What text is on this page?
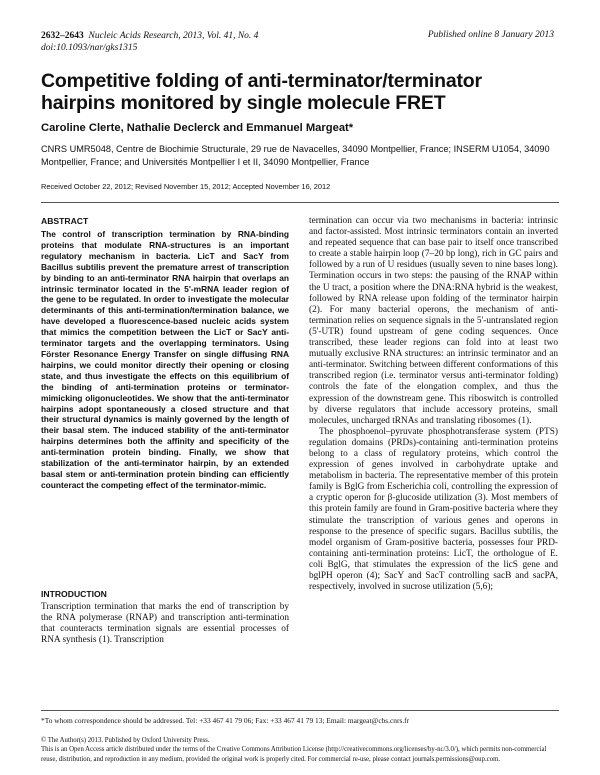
2632–2643 Nucleic Acids Research, 2013, Vol. 41, No. 4
doi:10.1093/nar/gks1315
Published online 8 January 2013
Competitive folding of anti-terminator/terminator hairpins monitored by single molecule FRET
Caroline Clerte, Nathalie Declerck and Emmanuel Margeat*
CNRS UMR5048, Centre de Biochimie Structurale, 29 rue de Navacelles, 34090 Montpellier, France; INSERM U1054, 34090 Montpellier, France; and Universités Montpellier I et II, 34090 Montpellier, France
Received October 22, 2012; Revised November 15, 2012; Accepted November 16, 2012
ABSTRACT
The control of transcription termination by RNA-binding proteins that modulate RNA-structures is an important regulatory mechanism in bacteria. LicT and SacY from Bacillus subtilis prevent the premature arrest of transcription by binding to an anti-terminator RNA hairpin that overlaps an intrinsic terminator located in the 5'-mRNA leader region of the gene to be regulated. In order to investigate the molecular determinants of this anti-termination/termination balance, we have developed a fluorescence-based nucleic acids system that mimics the competition between the LicT or SacY anti-terminator targets and the overlapping terminators. Using Förster Resonance Energy Transfer on single diffusing RNA hairpins, we could monitor directly their opening or closing state, and thus investigate the effects on this equilibrium of the binding of anti-termination proteins or terminator-mimicking oligonucleotides. We show that the anti-terminator hairpins adopt spontaneously a closed structure and that their structural dynamics is mainly governed by the length of their basal stem. The induced stability of the anti-terminator hairpins determines both the affinity and specificity of the anti-termination protein binding. Finally, we show that stabilization of the anti-terminator hairpin, by an extended basal stem or anti-termination protein binding can efficiently counteract the competing effect of the terminator-mimic.
INTRODUCTION
Transcription termination that marks the end of transcription by the RNA polymerase (RNAP) and transcription anti-termination that counteracts termination signals are essential processes of RNA synthesis (1). Transcription

termination can occur via two mechanisms in bacteria: intrinsic and factor-assisted. Most intrinsic terminators contain an inverted and repeated sequence that can base pair to itself once transcribed to create a stable hairpin loop (7–20 bp long), rich in GC pairs and followed by a run of U residues (usually seven to nine bases long). Termination occurs in two steps: the pausing of the RNAP within the U tract, a position where the DNA:RNA hybrid is the weakest, followed by RNA release upon folding of the terminator hairpin (2). For many bacterial operons, the mechanism of anti-termination relies on sequence signals in the 5'-untranslated region (5'-UTR) found upstream of gene coding sequences. Once transcribed, these leader regions can fold into at least two mutually exclusive RNA structures: an intrinsic terminator and an anti-terminator. Switching between different conformations of this transcribed region (i.e. terminator versus anti-terminator folding) controls the fate of the elongation complex, and thus the expression of the downstream gene. This riboswitch is controlled by diverse regulators that include accessory proteins, small molecules, uncharged tRNAs and translating ribosomes (1).

The phosphoenol–pyruvate phosphotransferase system (PTS) regulation domains (PRDs)-containing anti-termination proteins belong to a class of regulatory proteins, which control the expression of genes involved in carbohydrate uptake and metabolism in bacteria. The representative member of this protein family is BglG from Escherichia coli, controlling the expression of a cryptic operon for β-glucoside utilization (3). Most members of this protein family are found in Gram-positive bacteria where they stimulate the transcription of various genes and operons in response to the presence of specific sugars. Bacillus subtilis, the model organism of Gram-positive bacteria, possesses four PRD-containing anti-termination proteins: LicT, the orthologue of E. coli BglG, that stimulates the expression of the licS gene and bglPH operon (4); SacY and SacT controlling sacB and sacPA, respectively, involved in sucrose utilization (5,6);

*To whom correspondence should be addressed. Tel: +33 467 41 79 06; Fax: +33 467 41 79 13; Email: margeat@cbs.cnrs.fr
© The Author(s) 2013. Published by Oxford University Press.
This is an Open Access article distributed under the terms of the Creative Commons Attribution License (http://creativecommons.org/licenses/by-nc/3.0/), which permits non-commercial reuse, distribution, and reproduction in any medium, provided the original work is properly cited. For commercial re-use, please contact journals.permissions@oup.com.
